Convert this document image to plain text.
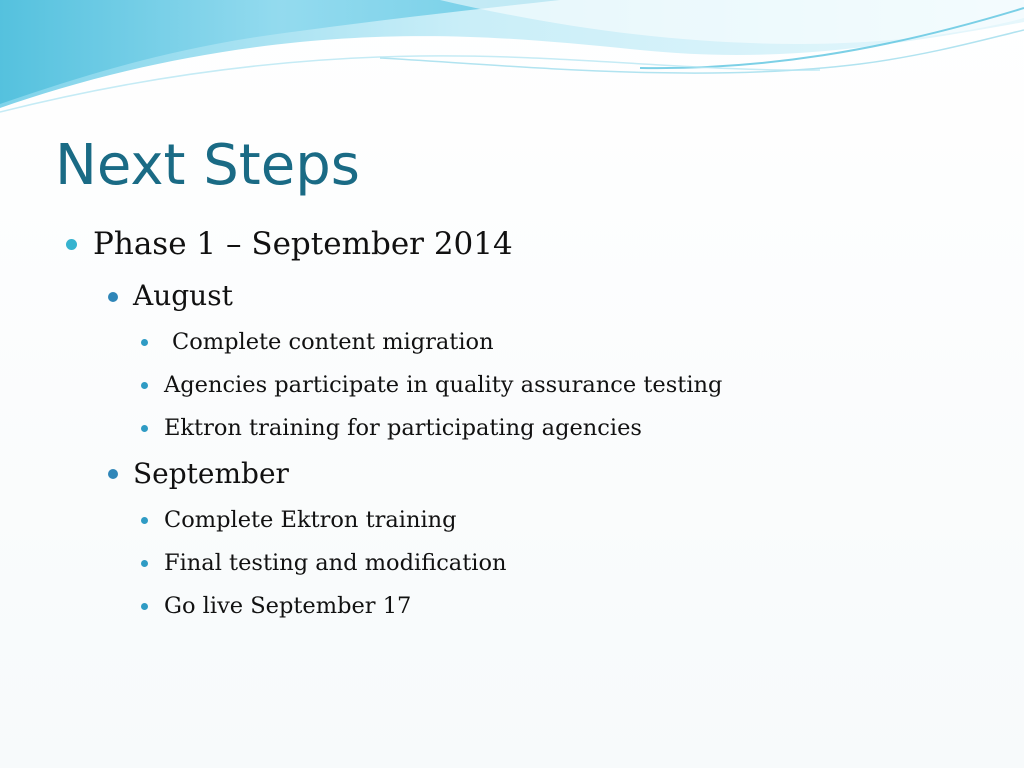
Next Steps
Phase 1 – September 2014
August
Complete content migration
Agencies participate in quality assurance testing
Ektron training for participating agencies
September
Complete Ektron training
Final testing and modification
Go live September 17
